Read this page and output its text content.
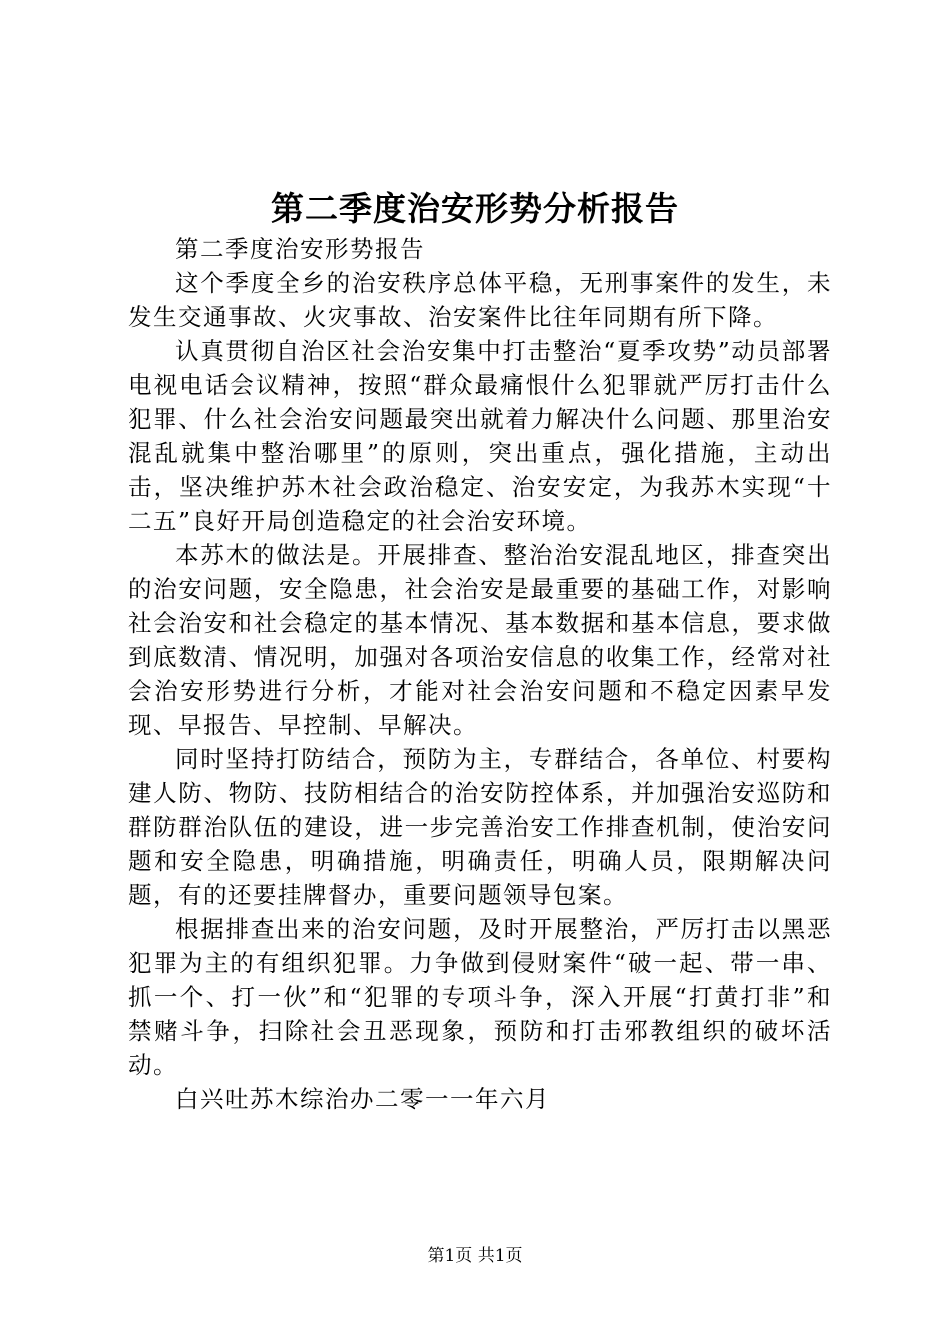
第二季度治安形势分析报告

第二季度治安形势报告

这个季度全乡的治安秩序总体平稳，无刑事案件的发生，未发生交通事故、火灾事故、治安案件比往年同期有所下降。

认真贯彻自治区社会治安集中打击整治“夏季攻势”动员部署电视电话会议精神，按照“群众最痛恨什么犯罪就严厉打击什么犯罪、什么社会治安问题最突出就着力解决什么问题、那里治安混乱就集中整治哪里”的原则，突出重点，强化措施，主动出击，坚决维护苏木社会政治稳定、治安安定，为我苏木实现“十二五”良好开局创造稳定的社会治安环境。

本苏木的做法是。开展排查、整治治安混乱地区，排查突出的治安问题，安全隐患，社会治安是最重要的基础工作，对影响社会治安和社会稳定的基本情况、基本数据和基本信息，要求做到底数清、情况明，加强对各项治安信息的收集工作，经常对社会治安形势进行分析，才能对社会治安问题和不稳定因素早发现、早报告、早控制、早解决。

同时坚持打防结合，预防为主，专群结合，各单位、村要构建人防、物防、技防相结合的治安防控体系，并加强治安巡防和群防群治队伍的建设，进一步完善治安工作排查机制，使治安问题和安全隐患，明确措施，明确责任，明确人员，限期解决问题，有的还要挂牌督办，重要问题领导包案。

根据排查出来的治安问题，及时开展整治，严厉打击以黑恶犯罪为主的有组织犯罪。力争做到侵财案件“破一起、带一串、抓一个、打一伙”和“犯罪的专项斗争，深入开展“打黄打非”和禁赌斗争，扫除社会丑恶现象，预防和打击邪教组织的破坏活动。

白兴吐苏木综治办二零一一年六月

第1页 共1页
